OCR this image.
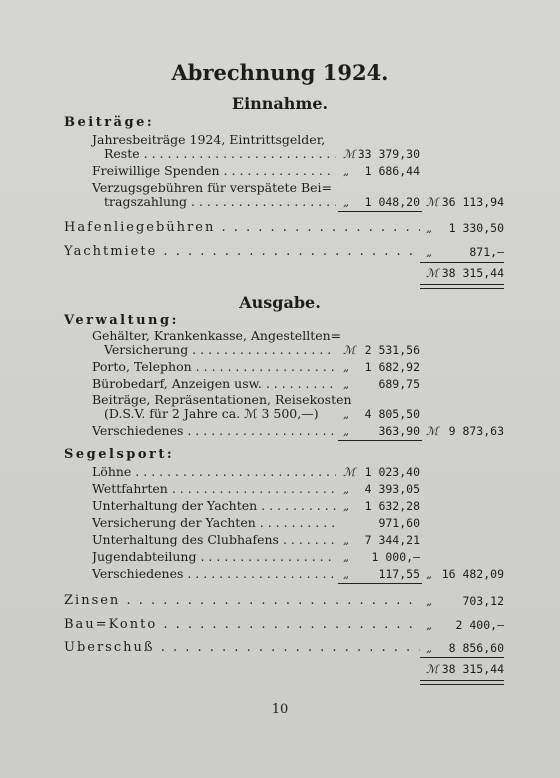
Abrechnung 1924.
Einnahme.
Beiträge:
Jahresbeiträge 1924, Eintrittsgelder,
Reste . . .	ℳ 33 379,30
Freiwillige Spenden . . .	„	1 686,44
Verzugsgebühren für verspätete Bei=
tragszahlung . . .	„	1 048,20 ℳ 36 113,94
Hafenliegebühren . . .	„	1 330,50
Yachtmiete . . .	„	871,—
ℳ 38 315,44
Ausgabe.
Verwaltung:
Gehälter, Krankenkasse, Angestellten=
Versicherung . . .	ℳ 2 531,56
Porto, Telephon . . .	„	1 682,92
Bürobedarf, Anzeigen usw. . . .	„	689,75
Beiträge, Repräsentationen, Reisekosten
(D.S.V. für 2 Jahre ca. ℳ 3 500,—) „	4 805,50
Verschiedenes . . .	„	363,90 ℳ 9 873,63
Segelsport:
Löhne . . .	ℳ 1 023,40
Wettfahrten . . .	„	4 393,05
Unterhaltung der Yachten . . .	„	1 632,28
Versicherung der Yachten . . .	971,60
Unterhaltung des Clubhafens . . .	„	7 344,21
Jugendabteilung . . .	„	1 000,—
Verschiedenes . . .	„	117,55 „ 16 482,09
Zinsen . . .	„	703,12
Bau=Konto . . .	„	2 400,—
Überschuß . . .	„	8 856,60
ℳ 38 315,44
10
